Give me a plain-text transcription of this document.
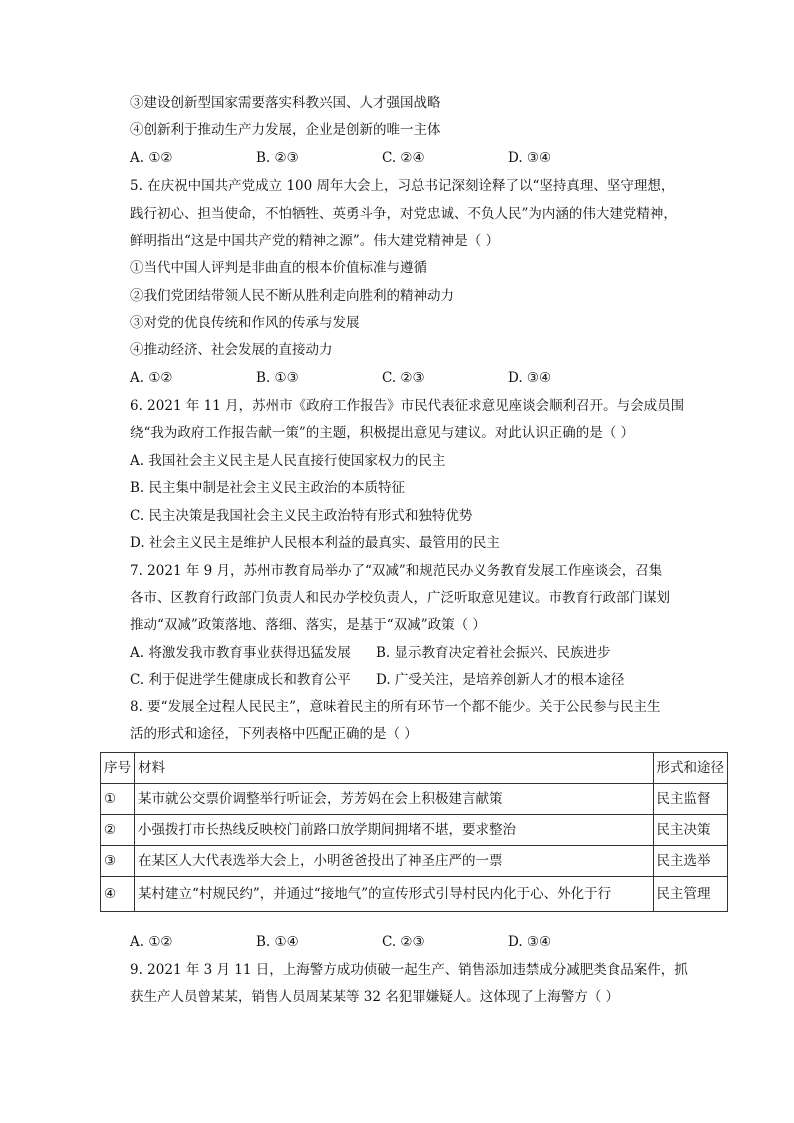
③建设创新型国家需要落实科教兴国、人才强国战略
④创新利于推动生产力发展，企业是创新的唯一主体
A. ①②	B. ②③	C. ②④	D. ③④
5. 在庆祝中国共产党成立 100 周年大会上，习总书记深刻诠释了以“坚持真理、坚守理想，
践行初心、担当使命，不怕牺牲、英勇斗争，对党忠诚、不负人民”为内涵的伟大建党精神，
鲜明指出“这是中国共产党的精神之源”。伟大建党精神是（ ）
①当代中国人评判是非曲直的根本价值标准与遵循
②我们党团结带领人民不断从胜利走向胜利的精神动力
③对党的优良传统和作风的传承与发展
④推动经济、社会发展的直接动力
A. ①②	B. ①③	C. ②③	D. ③④
6. 2021 年 11 月，苏州市《政府工作报告》市民代表征求意见座谈会顺利召开。与会成员围
绕“我为政府工作报告献一策”的主题，积极提出意见与建议。对此认识正确的是（ ）
A. 我国社会主义民主是人民直接行使国家权力的民主
B. 民主集中制是社会主义民主政治的本质特征
C. 民主决策是我国社会主义民主政治特有形式和独特优势
D. 社会主义民主是维护人民根本利益的最真实、最管用的民主
7. 2021 年 9 月，苏州市教育局举办了“双减”和规范民办义务教育发展工作座谈会，召集
各市、区教育行政部门负责人和民办学校负责人，广泛听取意见建议。市教育行政部门谋划
推动“双减”政策落地、落细、落实，是基于“双减”政策（ ）
A. 将激发我市教育事业获得迅猛发展 B. 显示教育决定着社会振兴、民族进步
C. 利于促进学生健康成长和教育公平 D. 广受关注，是培养创新人才的根本途径
8. 要“发展全过程人民民主”，意味着民主的所有环节一个都不能少。关于公民参与民主生
活的形式和途径，下列表格中匹配正确的是（ ）
序号	材料	形式和途径
①	某市就公交票价调整举行听证会，芳芳妈在会上积极建言献策	民主监督
②	小强拨打市长热线反映校门前路口放学期间拥堵不堪，要求整治	民主决策
③	在某区人大代表选举大会上，小明爸爸投出了神圣庄严的一票	民主选举
④	某村建立“村规民约”，并通过“接地气”的宣传形式引导村民内化于心、外化于行	民主管理
A. ①②	B. ①④	C. ②③	D. ③④
9. 2021 年 3 月 11 日，上海警方成功侦破一起生产、销售添加违禁成分减肥类食品案件，抓
获生产人员曾某某，销售人员周某某等 32 名犯罪嫌疑人。这体现了上海警方（ ）
